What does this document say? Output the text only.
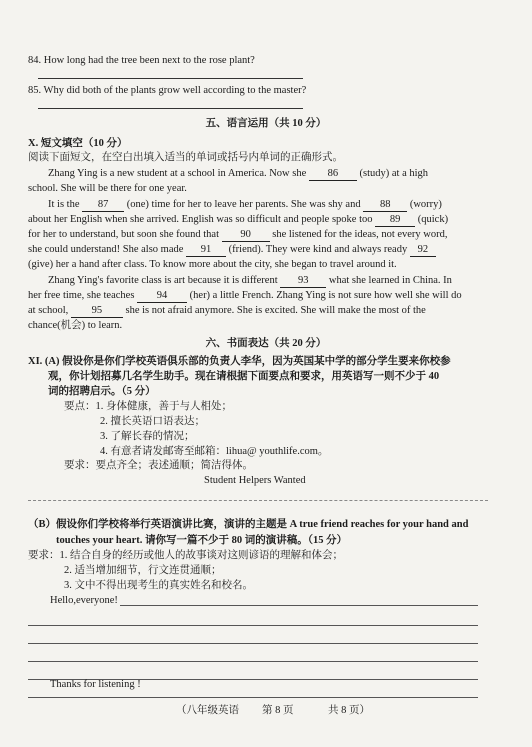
84. How long had the tree been next to the rose plant?
85. Why did both of the plants grow well according to the master?
五、语言运用（共 10 分）
X. 短文填空（10 分）
阅读下面短文，在空白出填入适当的单词或括号内单词的正确形式。
Zhang Ying is a new student at a school in America. Now she 86 (study) at a high
school. She will be there for one year.
It is the 87 (one) time for her to leave her parents. She was shy and 88 (worry)
about her English when she arrived. English was so difficult and people spoke too 89 (quick)
for her to understand, but soon she found that 90 she listened for the ideas, not every word,
she could understand! She also made 91 (friend). They were kind and always ready 92
(give) her a hand after class. To know more about the city, she began to travel around it.
Zhang Ying's favorite class is art because it is different 93 what she learned in China. In
her free time, she teaches 94 (her) a little French. Zhang Ying is not sure how well she will do
at school, 95 she is not afraid anymore. She is excited. She will make the most of the
chance(机会) to learn.
六、书面表达（共 20 分）
XI. (A) 假设你是你们学校英语俱乐部的负责人李华，因为英国某中学的部分学生要来你校参
观，你计划招募几名学生助手。现在请根据下面要点和要求，用英语写一则不少于 40
词的招聘启示。（5 分）
要点：1. 身体健康，善于与人相处；
2. 擅长英语口语表达；
3. 了解长春的情况；
4. 有意者请发邮寄至邮箱：lihua@ youthlife.com。
要求：要点齐全；表述通顺；简洁得体。
Student Helpers Wanted
（B）假设你们学校将举行英语演讲比赛，演讲的主题是 A true friend reaches for your hand and
touches your heart. 请你写一篇不少于 80 词的演讲稿。（15 分）
要求：1. 结合自身的经历或他人的故事谈对这则谚语的理解和体会；
2. 适当增加细节，行文连贯通顺；
3. 文中不得出现考生的真实姓名和校名。
Hello,everyone!
Thanks for listening !
（八年级英语 第 8 页	共 8 页）
